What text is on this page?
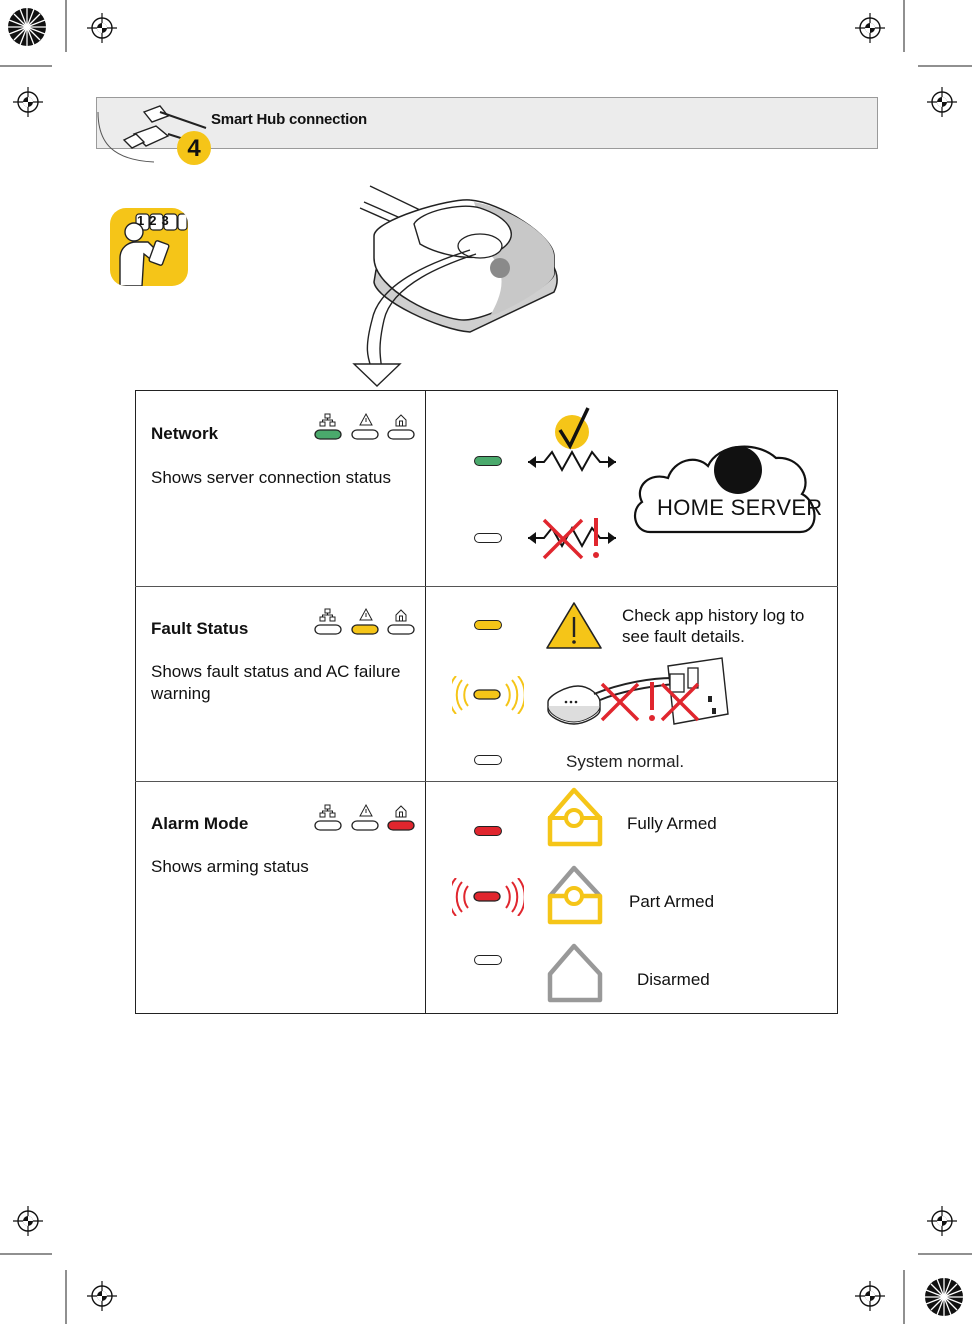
4
Smart Hub connection
123
Network
Shows server connection status
HOME SERVER
Fault Status
Shows fault status and AC failure warning
Check app history log to see fault details.
System normal.
Alarm Mode
Shows arming status
Fully Armed
Part Armed
Disarmed
